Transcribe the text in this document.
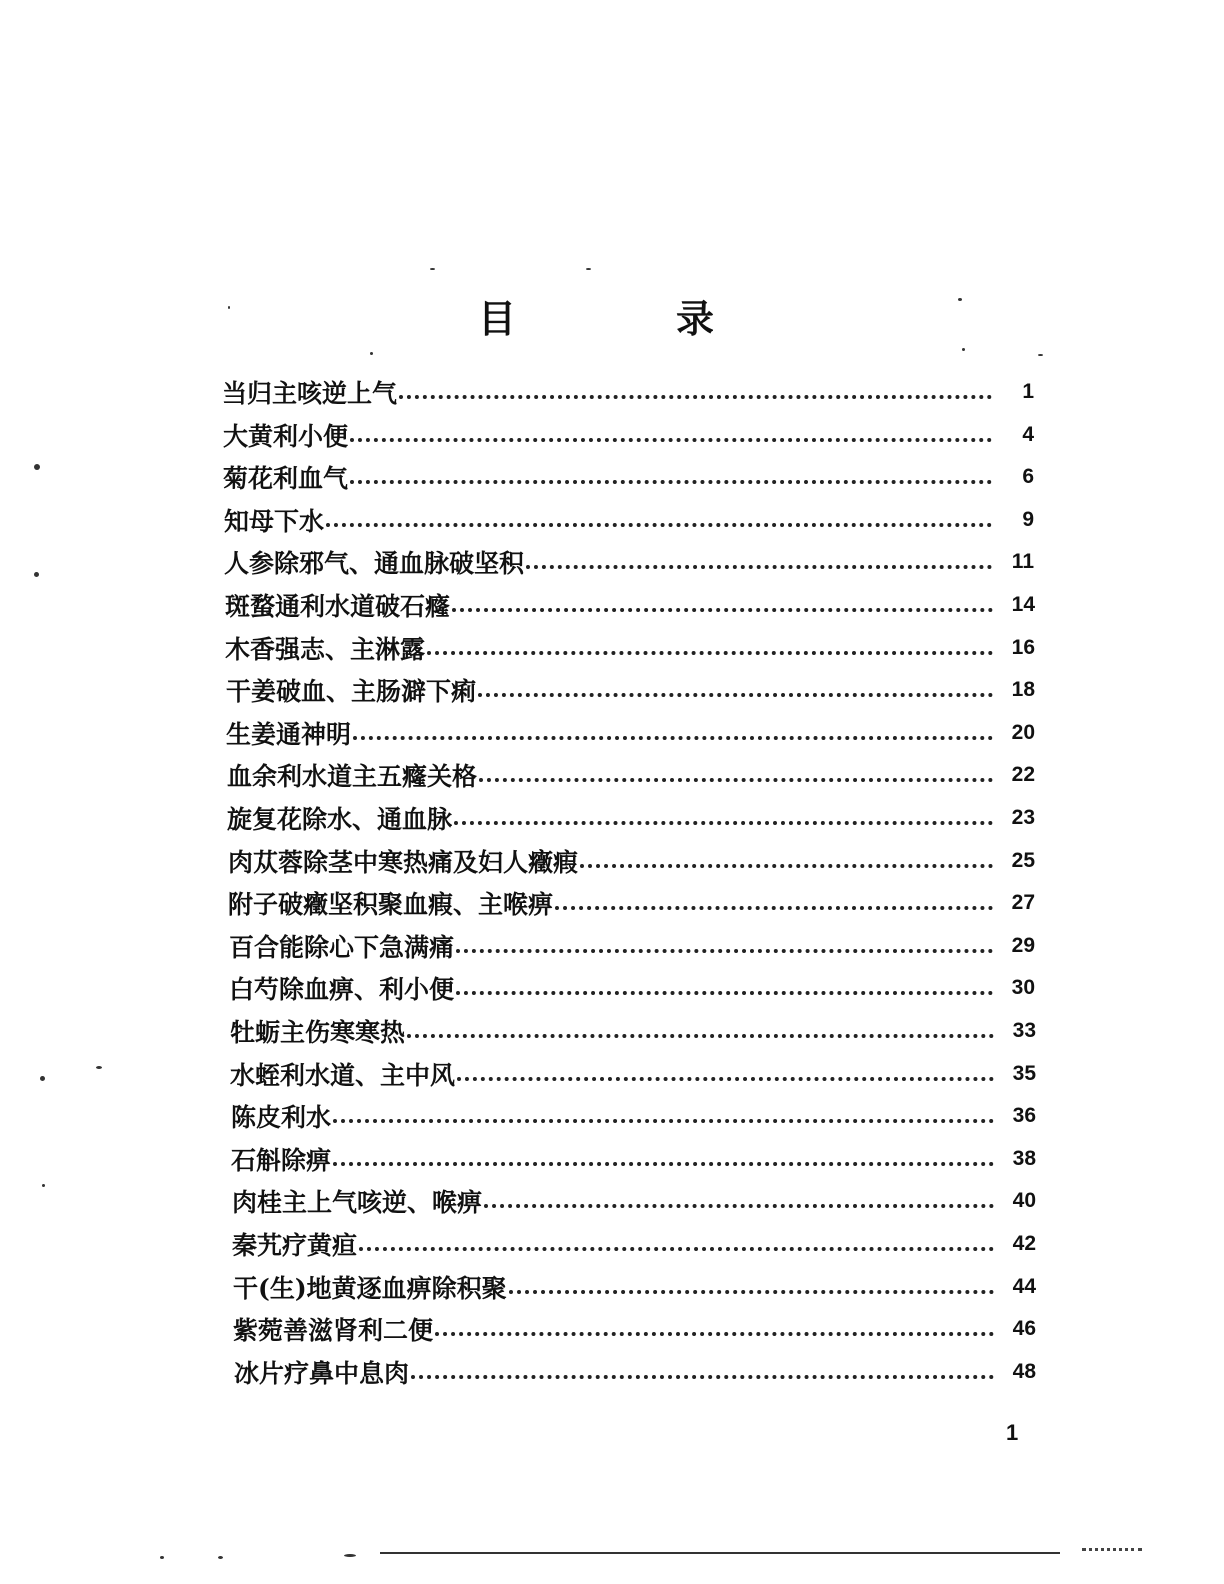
目	录
当归主咳逆上气	1
大黄利小便	4
菊花利血气	6
知母下水	9
人参除邪气、通血脉破坚积	11
斑蝥通利水道破石癃	14
木香强志、主淋露	16
干姜破血、主肠澼下痢	18
生姜通神明	20
血余利水道主五癃关格	22
旋复花除水、通血脉	23
肉苁蓉除茎中寒热痛及妇人癥瘕	25
附子破癥坚积聚血瘕、主喉痹	27
百合能除心下急满痛	29
白芍除血痹、利小便	30
牡蛎主伤寒寒热	33
水蛭利水道、主中风	35
陈皮利水	36
石斛除痹	38
肉桂主上气咳逆、喉痹	40
秦艽疗黄疸	42
干(生)地黄逐血痹除积聚	44
紫菀善滋肾利二便	46
冰片疗鼻中息肉	48
1
